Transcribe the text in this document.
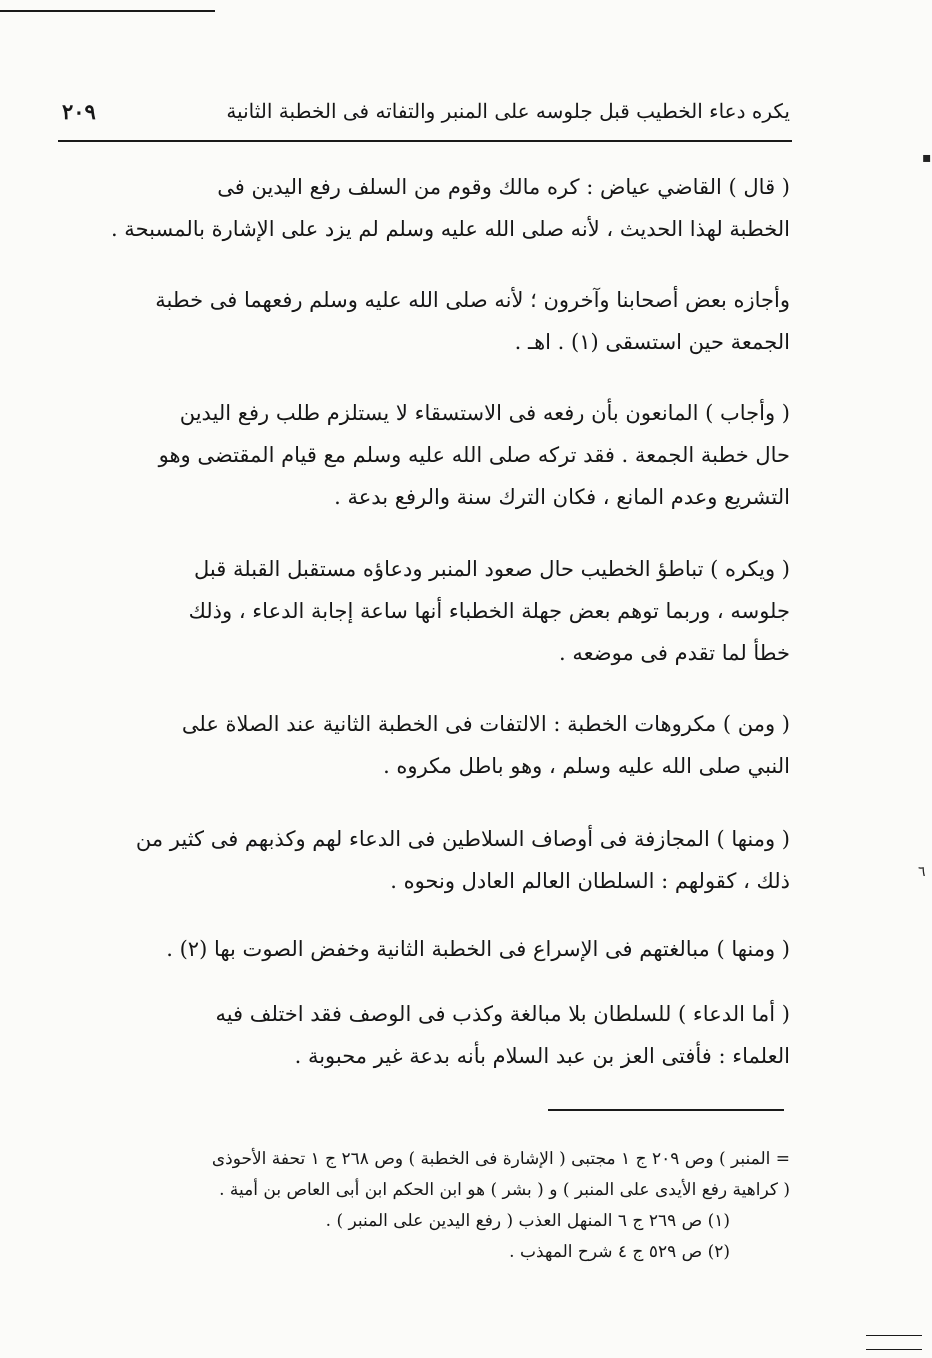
يكره دعاء الخطيب قبل جلوسه على المنبر والتفاته فى الخطبة الثانية
٢٠٩
( قال ) القاضي عياض : كره مالك وقوم من السلف رفع اليدين فى
الخطبة لهذا الحديث ، لأنه صلى الله عليه وسلم لم يزد على الإشارة بالمسبحة .
وأجازه بعض أصحابنا وآخرون ؛ لأنه صلى الله عليه وسلم رفعهما فى خطبة
الجمعة حين استسقى (١) . اهـ .
( وأجاب ) المانعون بأن رفعه فى الاستسقاء لا يستلزم طلب رفع اليدين
حال خطبة الجمعة . فقد تركه صلى الله عليه وسلم مع قيام المقتضى وهو
التشريع وعدم المانع ، فكان الترك سنة والرفع بدعة .
( ويكره ) تباطؤ الخطيب حال صعود المنبر ودعاؤه مستقبل القبلة قبل
جلوسه ، وربما توهم بعض جهلة الخطباء أنها ساعة إجابة الدعاء ، وذلك
خطأ لما تقدم فى موضعه .
( ومن ) مكروهات الخطبة : الالتفات فى الخطبة الثانية عند الصلاة على
النبي صلى الله عليه وسلم ، وهو باطل مكروه .
( ومنها ) المجازفة فى أوصاف السلاطين فى الدعاء لهم وكذبهم فى كثير من
ذلك ، كقولهم : السلطان العالم العادل ونحوه .
( ومنها ) مبالغتهم فى الإسراع فى الخطبة الثانية وخفض الصوت بها (٢) .
( أما الدعاء ) للسلطان بلا مبالغة وكذب فى الوصف فقد اختلف فيه
العلماء : فأفتى العز بن عبد السلام بأنه بدعة غير محبوبة .
= المنبر ) وص ٢٠٩ ج ١ مجتبى ( الإشارة فى الخطبة ) وص ٢٦٨ ج ١ تحفة الأحوذى
( كراهية رفع الأيدى على المنبر ) و ( بشر ) هو ابن الحكم ابن أبى العاص بن أمية .
(١) ص ٢٦٩ ج ٦ المنهل العذب ( رفع اليدين على المنبر ) .
(٢) ص ٥٢٩ ج ٤ شرح المهذب .
▪
٦
